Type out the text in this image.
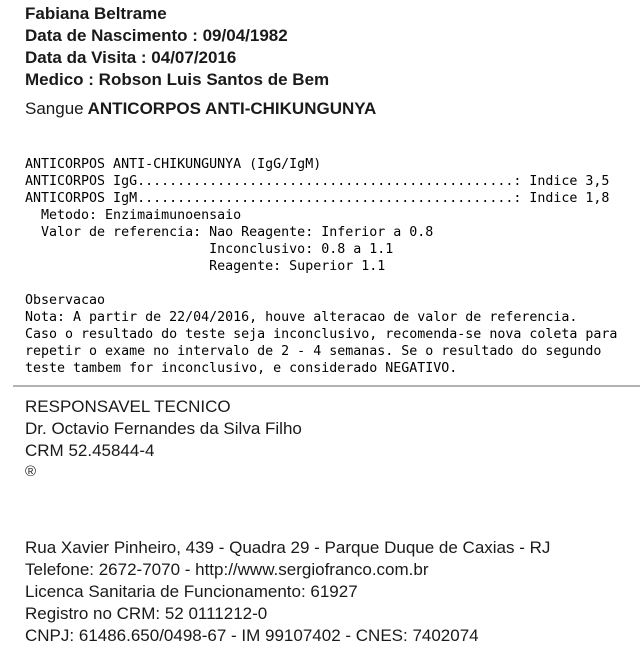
Fabiana Beltrame
Data de Nascimento : 09/04/1982
Data da Visita : 04/07/2016
Medico : Robson Luis Santos de Bem
Sangue ANTICORPOS ANTI-CHIKUNGUNYA
ANTICORPOS ANTI-CHIKUNGUNYA (IgG/IgM)
ANTICORPOS IgG...............................................: Indice 3,5
ANTICORPOS IgM...............................................: Indice 1,8
Metodo: Enzimaimunoensaio
Valor de referencia: Nao Reagente: Inferior a 0.8
Inconclusivo: 0.8 a 1.1
Reagente: Superior 1.1
Observacao
Nota: A partir de 22/04/2016, houve alteracao de valor de referencia.
Caso o resultado do teste seja inconclusivo, recomenda-se nova coleta para
repetir o exame no intervalo de 2 - 4 semanas. Se o resultado do segundo
teste tambem for inconclusivo, e considerado NEGATIVO.
RESPONSAVEL TECNICO
Dr. Octavio Fernandes da Silva Filho
CRM 52.45844-4
®
Rua Xavier Pinheiro, 439 - Quadra 29 - Parque Duque de Caxias - RJ
Telefone: 2672-7070 - http://www.sergiofranco.com.br
Licenca Sanitaria de Funcionamento: 61927
Registro no CRM: 52 0111212-0
CNPJ: 61486.650/0498-67 - IM 99107402 - CNES: 7402074
